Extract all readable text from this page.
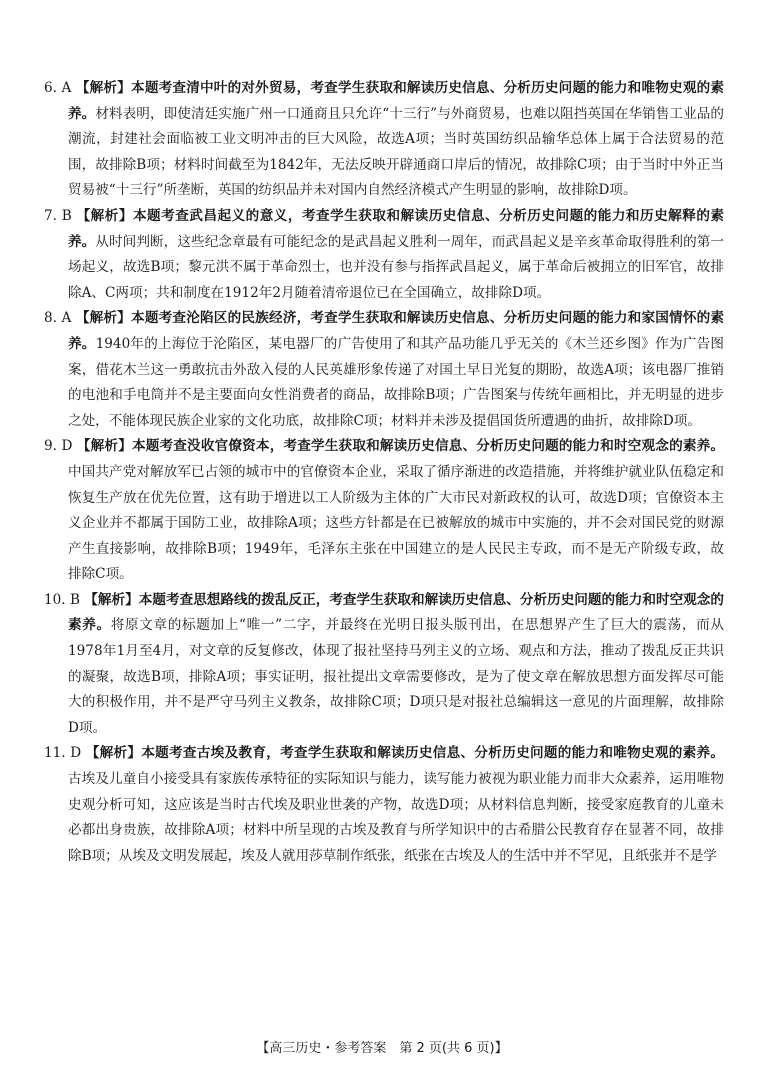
6. A 【解析】本题考查清中叶的对外贸易，考查学生获取和解读历史信息、分析历史问题的能力和唯物史观的素养。材料表明，即使清廷实施广州一口通商且只允许“十三行”与外商贸易，也难以阻挡英国在华销售工业品的潮流，封建社会面临被工业文明冲击的巨大风险，故选A项；当时英国纺织品输华总体上属于合法贸易的范围，故排除B项；材料时间截至为1842年，无法反映开辟通商口岸后的情况，故排除C项；由于当时中外正当贸易被“十三行”所垄断，英国的纺织品并未对国内自然经济模式产生明显的影响，故排除D项。

7. B 【解析】本题考查武昌起义的意义，考查学生获取和解读历史信息、分析历史问题的能力和历史解释的素养。从时间判断，这些纪念章最有可能纪念的是武昌起义胜利一周年，而武昌起义是辛亥革命取得胜利的第一场起义，故选B项；黎元洪不属于革命烈士，也并没有参与指挥武昌起义，属于革命后被拥立的旧军官，故排除A、C两项；共和制度在1912年2月随着清帝退位已在全国确立，故排除D项。

8. A 【解析】本题考查沦陷区的民族经济，考查学生获取和解读历史信息、分析历史问题的能力和家国情怀的素养。1940年的上海位于沦陷区，某电器厂的广告使用了和其产品功能几乎无关的《木兰还乡图》作为广告图案，借花木兰这一勇敢抗击外敌入侵的人民英雄形象传递了对国土早日光复的期盼，故选A项；该电器厂推销的电池和手电筒并不是主要面向女性消费者的商品，故排除B项；广告图案与传统年画相比，并无明显的进步之处，不能体现民族企业家的文化功底，故排除C项；材料并未涉及提倡国货所遭遇的曲折，故排除D项。

9. D 【解析】本题考查没收官僚资本，考查学生获取和解读历史信息、分析历史问题的能力和时空观念的素养。中国共产党对解放军已占领的城市中的官僚资本企业，采取了循序渐进的改造措施，并将维护就业队伍稳定和恢复生产放在优先位置，这有助于增进以工人阶级为主体的广大市民对新政权的认可，故选D项；官僚资本主义企业并不都属于国防工业，故排除A项；这些方针都是在已被解放的城市中实施的，并不会对国民党的财源产生直接影响，故排除B项；1949年，毛泽东主张在中国建立的是人民民主专政，而不是无产阶级专政，故排除C项。

10. B 【解析】本题考查思想路线的拨乱反正，考查学生获取和解读历史信息、分析历史问题的能力和时空观念的素养。将原文章的标题加上“唯一”二字，并最终在光明日报头版刊出，在思想界产生了巨大的震荡，而从1978年1月至4月，对文章的反复修改，体现了报社坚持马列主义的立场、观点和方法，推动了拨乱反正共识的凝聚，故选B项，排除A项；事实证明，报社提出文章需要修改，是为了使文章在解放思想方面发挥尽可能大的积极作用，并不是严守马列主义教条，故排除C项；D项只是对报社总编辑这一意见的片面理解，故排除D项。

11. D 【解析】本题考查古埃及教育，考查学生获取和解读历史信息、分析历史问题的能力和唯物史观的素养。古埃及儿童自小接受具有家族传承特征的实际知识与能力，读写能力被视为职业能力而非大众素养，运用唯物史观分析可知，这应该是当时古代埃及职业世袭的产物，故选D项；从材料信息判断，接受家庭教育的儿童未必都出身贵族，故排除A项；材料中所呈现的古埃及教育与所学知识中的古希腊公民教育存在显著不同，故排除B项；从埃及文明发展起，埃及人就用莎草制作纸张，纸张在古埃及人的生活中并不罕见，且纸张并不是学

【高三历史・参考答案　第 2 页(共 6 页)】
